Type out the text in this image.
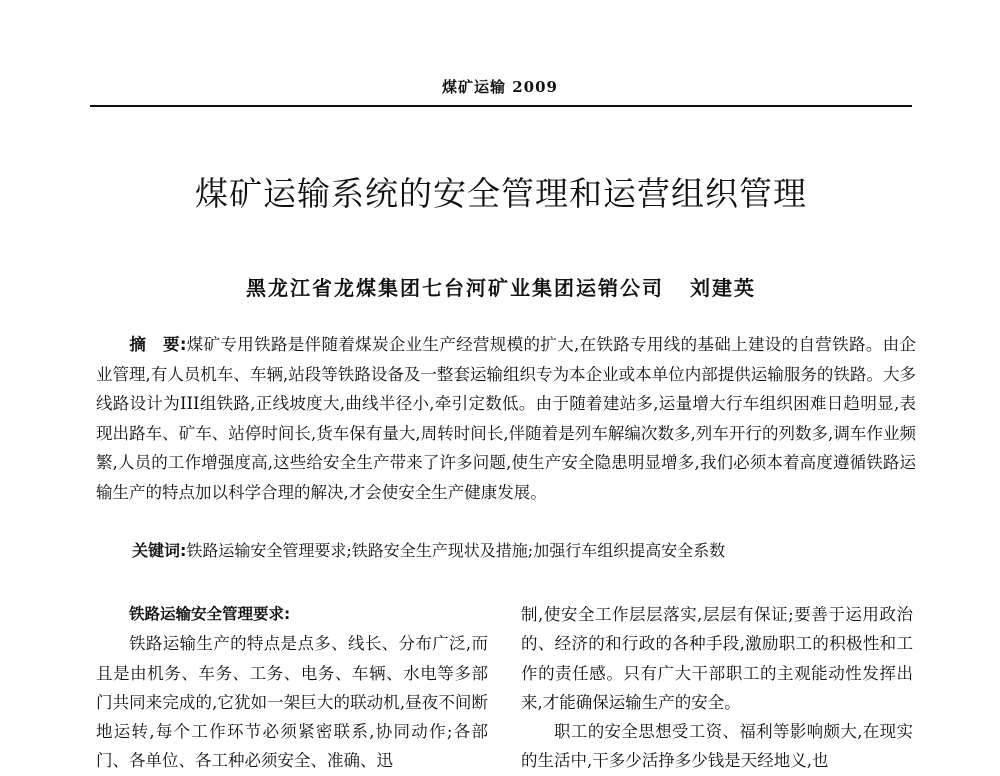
煤矿运输 2009
煤矿运输系统的安全管理和运营组织管理
黑龙江省龙煤集团七台河矿业集团运销公司 刘建英
摘　要:煤矿专用铁路是伴随着煤炭企业生产经营规模的扩大,在铁路专用线的基础上建设的自营铁路。由企业管理,有人员机车、车辆,站段等铁路设备及一整套运输组织专为本企业或本单位内部提供运输服务的铁路。大多线路设计为III组铁路,正线坡度大,曲线半径小,牵引定数低。由于随着建站多,运量增大行车组织困难日趋明显,表现出路车、矿车、站停时间长,货车保有量大,周转时间长,伴随着是列车解编次数多,列车开行的列数多,调车作业频繁,人员的工作增强度高,这些给安全生产带来了许多问题,使生产安全隐患明显增多,我们必须本着高度遵循铁路运输生产的特点加以科学合理的解决,才会使安全生产健康发展。
关键词:铁路运输安全管理要求;铁路安全生产现状及措施;加强行车组织提高安全系数
铁路运输安全管理要求:

铁路运输生产的特点是点多、线长、分布广泛,而且是由机务、车务、工务、电务、车辆、水电等多部门共同来完成的,它犹如一架巨大的联动机,昼夜不间断地运转,每个工作环节必须紧密联系,协同动作;各部门、各单位、各工种必须安全、准确、迅

制,使安全工作层层落实,层层有保证;要善于运用政治的、经济的和行政的各种手段,激励职工的积极性和工作的责任感。只有广大干部职工的主观能动性发挥出来,才能确保运输生产的安全。

职工的安全思想受工资、福利等影响颇大,在现实的生活中,干多少活挣多少钱是天经地义,也
